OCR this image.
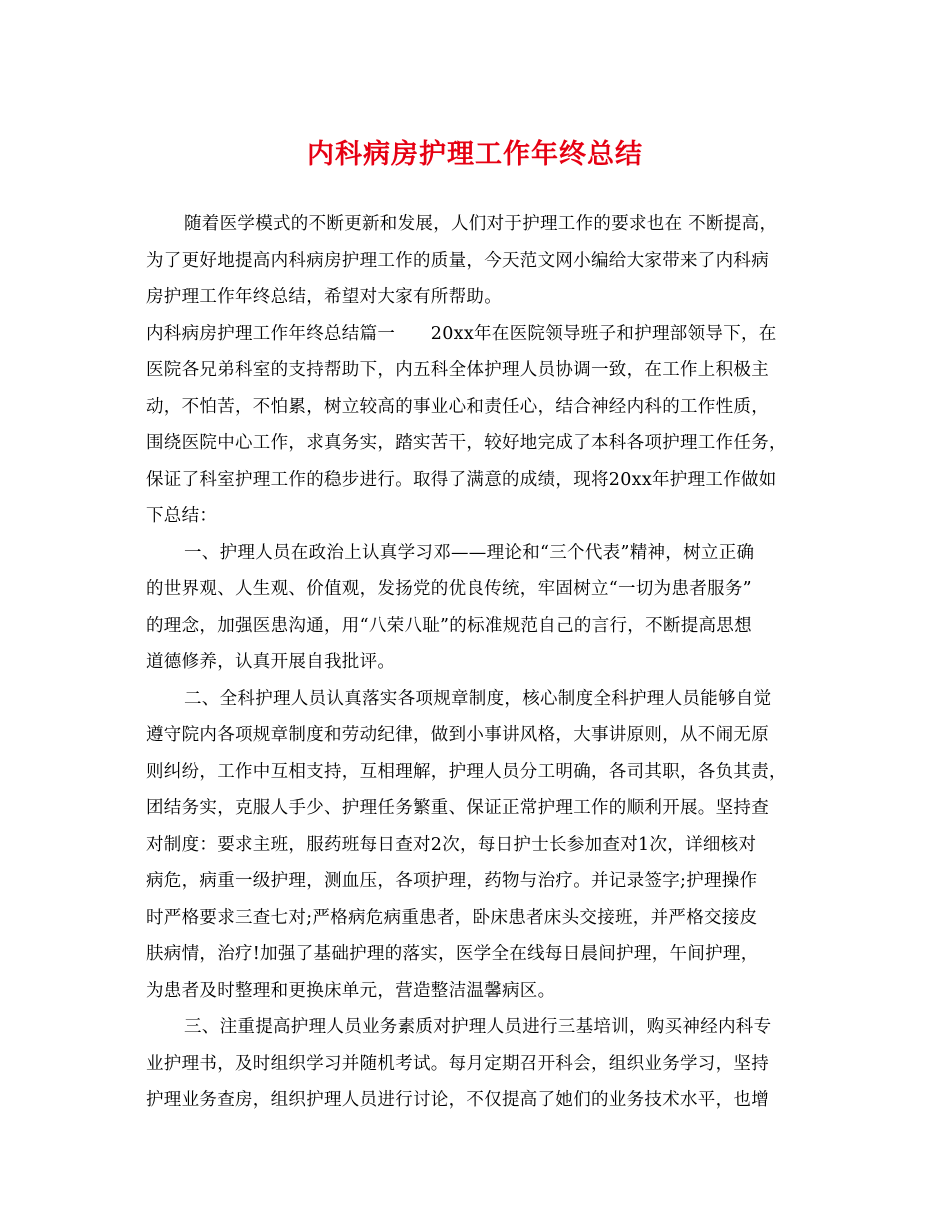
内科病房护理工作年终总结
随着医学模式的不断更新和发展，人们对于护理工作的要求也在 不断提高，
为了更好地提高内科病房护理工作的质量，今天范文网小编给大家带来了内科病
房护理工作年终总结，希望对大家有所帮助。
内科病房护理工作年终总结篇一　　20xx年在医院领导班子和护理部领导下，在
医院各兄弟科室的支持帮助下，内五科全体护理人员协调一致，在工作上积极主
动，不怕苦，不怕累，树立较高的事业心和责任心，结合神经内科的工作性质，
围绕医院中心工作，求真务实，踏实苦干，较好地完成了本科各项护理工作任务，
保证了科室护理工作的稳步进行。取得了满意的成绩，现将20xx年护理工作做如
下总结：
一、护理人员在政治上认真学习邓——理论和“三个代表”精神，树立正确
的世界观、人生观、价值观，发扬党的优良传统，牢固树立“一切为患者服务”
的理念，加强医患沟通，用“八荣八耻”的标准规范自己的言行，不断提高思想
道德修养，认真开展自我批评。
二、全科护理人员认真落实各项规章制度，核心制度全科护理人员能够自觉
遵守院内各项规章制度和劳动纪律，做到小事讲风格，大事讲原则，从不闹无原
则纠纷，工作中互相支持，互相理解，护理人员分工明确，各司其职，各负其责，
团结务实，克服人手少、护理任务繁重、保证正常护理工作的顺利开展。坚持查
对制度：要求主班，服药班每日查对2次，每日护士长参加查对1次，详细核对
病危，病重一级护理，测血压，各项护理，药物与治疗。并记录签字;护理操作
时严格要求三查七对;严格病危病重患者，卧床患者床头交接班，并严格交接皮
肤病情，治疗!加强了基础护理的落实，医学全在线每日晨间护理，午间护理，
为患者及时整理和更换床单元，营造整洁温馨病区。
三、注重提高护理人员业务素质对护理人员进行三基培训，购买神经内科专
业护理书，及时组织学习并随机考试。每月定期召开科会，组织业务学习，坚持
护理业务查房，组织护理人员进行讨论，不仅提高了她们的业务技术水平，也增
